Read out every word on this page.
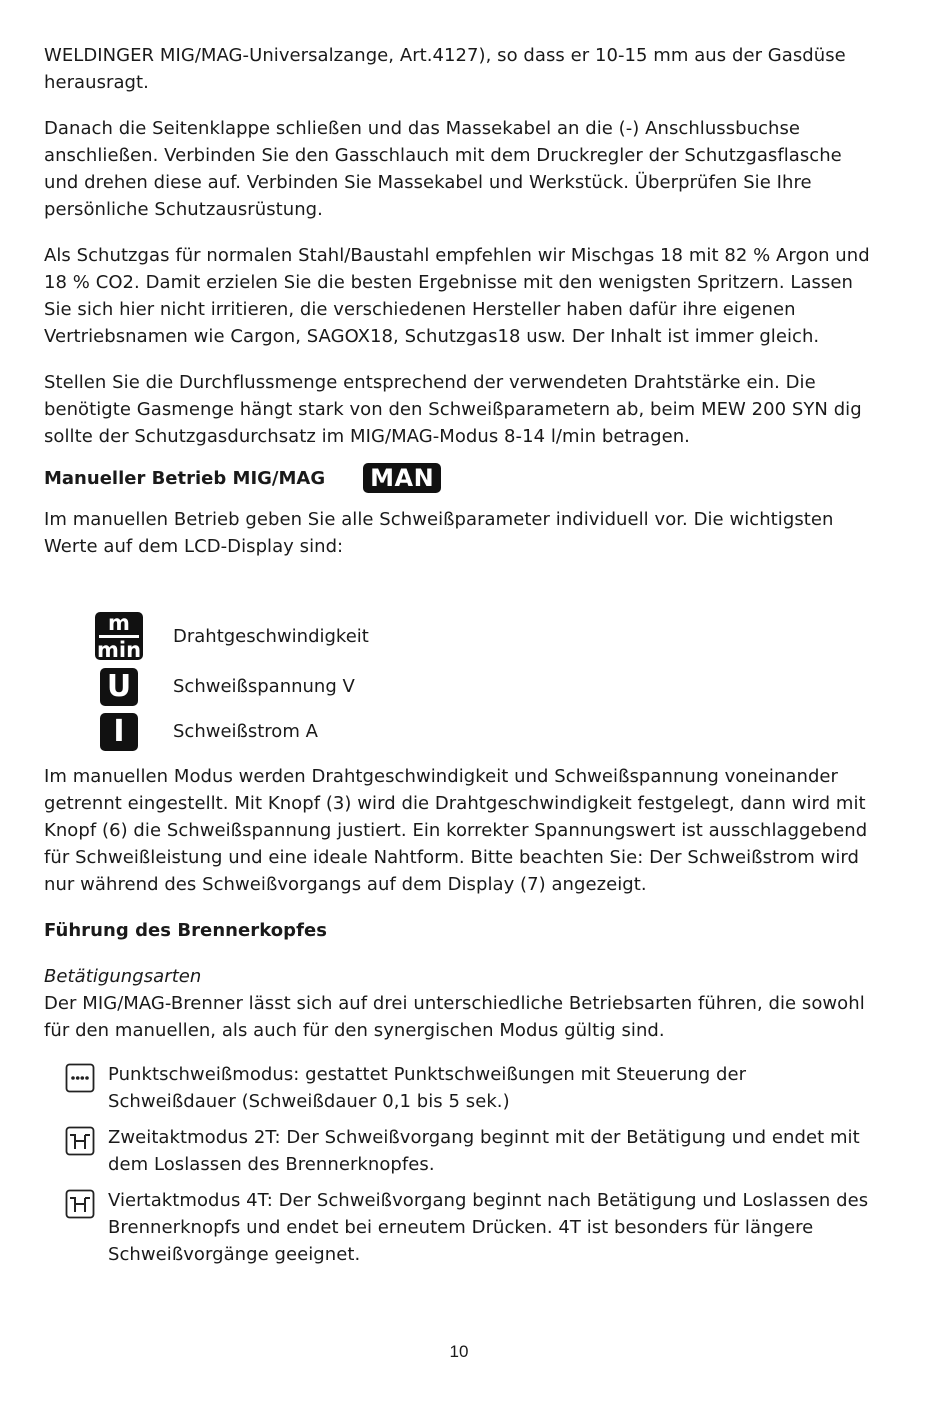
WELDINGER MIG/MAG-Universalzange, Art.4127), so dass er 10-15 mm aus der Gasdüse herausragt.

Danach die Seitenklappe schließen und das Massekabel an die (-) Anschlussbuchse anschließen. Verbinden Sie den Gasschlauch mit dem Druckregler der Schutzgasflasche und drehen diese auf. Verbinden Sie Massekabel und Werkstück. Überprüfen Sie Ihre persönliche Schutzausrüstung.

Als Schutzgas für normalen Stahl/Baustahl empfehlen wir Mischgas 18 mit 82 % Argon und 18 % CO2. Damit erzielen Sie die besten Ergebnisse mit den wenigsten Spritzern. Lassen Sie sich hier nicht irritieren, die verschiedenen Hersteller haben dafür ihre eigenen Vertriebsnamen wie Cargon, SAGOX18, Schutzgas18 usw. Der Inhalt ist immer gleich.

Stellen Sie die Durchflussmenge entsprechend der verwendeten Drahtstärke ein. Die benötigte Gasmenge hängt stark von den Schweißparametern ab, beim MEW 200 SYN dig sollte der Schutzgasdurchsatz im MIG/MAG-Modus 8-14 l/min betragen.

Manueller Betrieb MIG/MAG MAN

Im manuellen Betrieb geben Sie alle Schweißparameter individuell vor. Die wichtigsten Werte auf dem LCD-Display sind:

m
min
Drahtgeschwindigkeit
U	Schweißspannung V
I	Schweißstrom A

Im manuellen Modus werden Drahtgeschwindigkeit und Schweißspannung voneinander getrennt eingestellt. Mit Knopf (3) wird die Drahtgeschwindigkeit festgelegt, dann wird mit Knopf (6) die Schweißspannung justiert. Ein korrekter Spannungswert ist ausschlaggebend für Schweißleistung und eine ideale Nahtform. Bitte beachten Sie: Der Schweißstrom wird nur während des Schweißvorgangs auf dem Display (7) angezeigt.

Führung des Brennerkopfes

Betätigungsarten

Der MIG/MAG-Brenner lässt sich auf drei unterschiedliche Betriebsarten führen, die sowohl für den manuellen, als auch für den synergischen Modus gültig sind.

Punktschweißmodus: gestattet Punktschweißungen mit Steuerung der Schweißdauer (Schweißdauer 0,1 bis 5 sek.)

Zweitaktmodus 2T: Der Schweißvorgang beginnt mit der Betätigung und endet mit dem Loslassen des Brennerknopfes.

Viertaktmodus 4T: Der Schweißvorgang beginnt nach Betätigung und Loslassen des Brennerknopfs und endet bei erneutem Drücken. 4T ist besonders für längere Schweißvorgänge geeignet.

10
